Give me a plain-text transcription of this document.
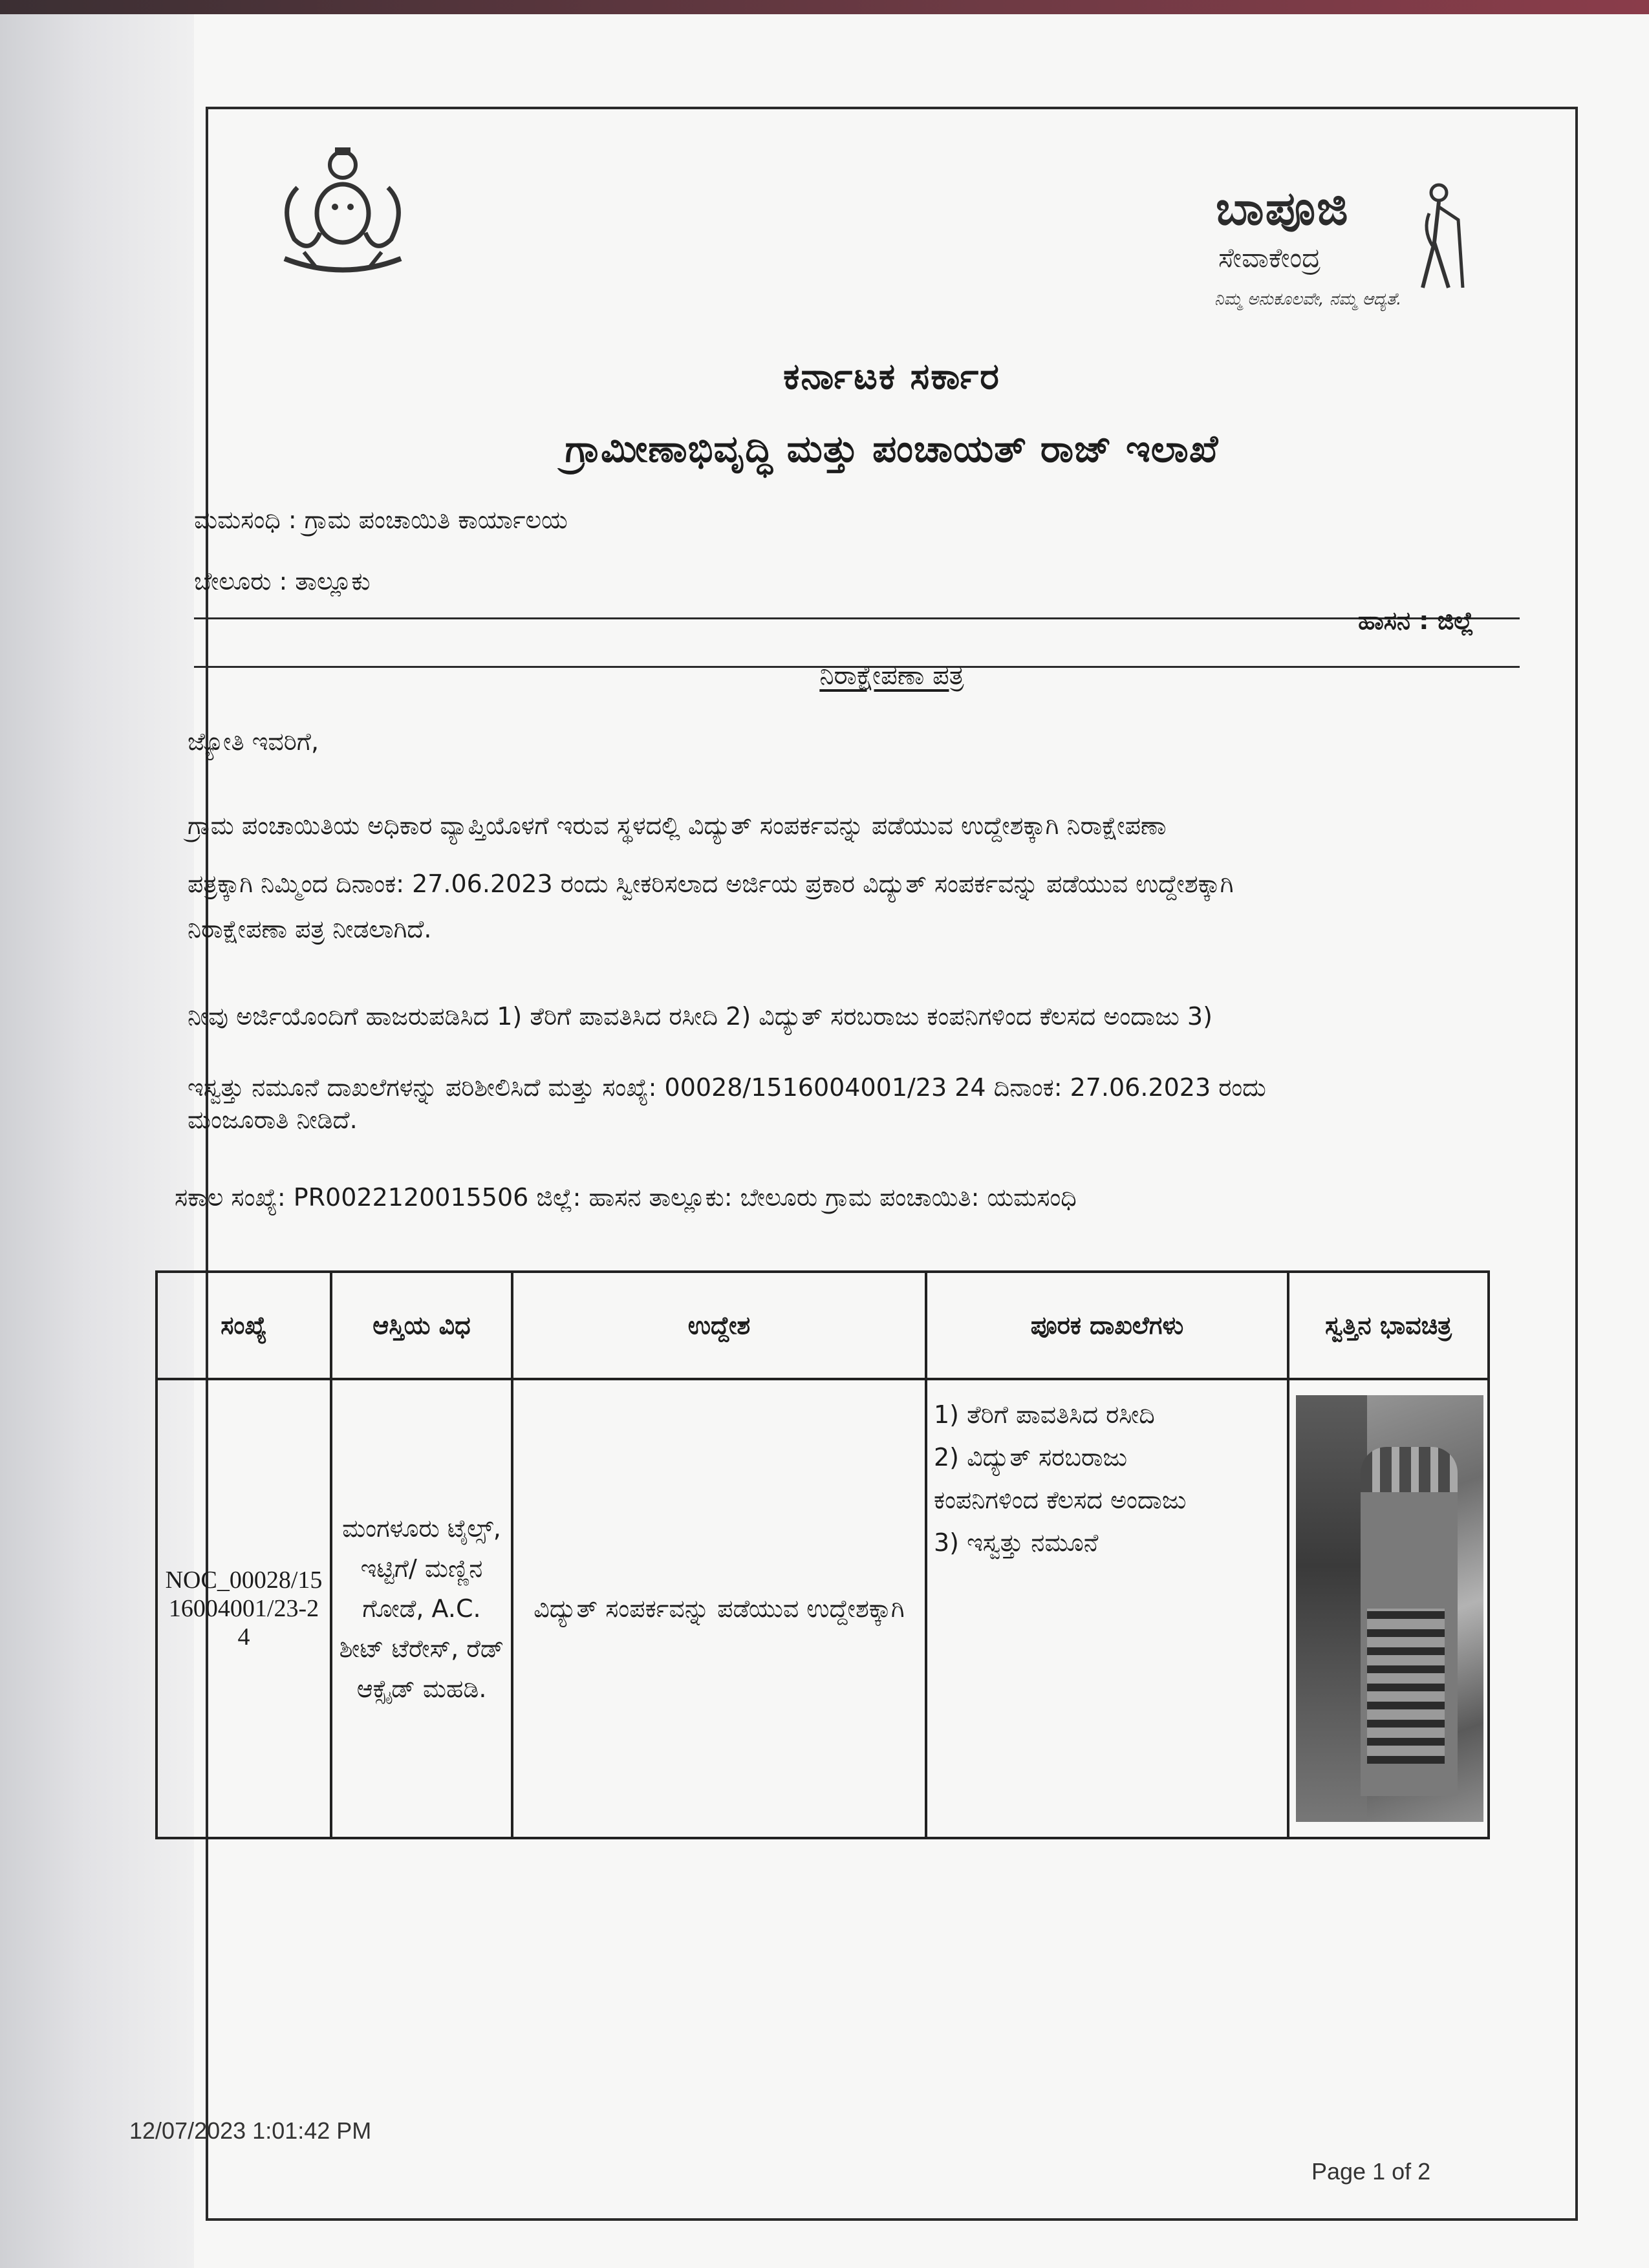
ಬಾಪೂಜಿ
ಸೇವಾಕೇಂದ್ರ
ನಿಮ್ಮ ಅನುಕೂಲವೇ, ನಮ್ಮ ಆದ್ಯತೆ.
ಕರ್ನಾಟಕ ಸರ್ಕಾರ
ಗ್ರಾಮೀಣಾಭಿವೃದ್ಧಿ ಮತ್ತು ಪಂಚಾಯತ್ ರಾಜ್ ಇಲಾಖೆ
ಮಮಸಂಧಿ : ಗ್ರಾಮ ಪಂಚಾಯಿತಿ ಕಾರ್ಯಾಲಯ
ಬೇಲೂರು : ತಾಲ್ಲೂಕು
ಹಾಸನ : ಜಿಲ್ಲೆ
ನಿರಾಕ್ಷೇಪಣಾ ಪತ್ರ
ಜ್ಯೋತಿ ಇವರಿಗೆ,
ಗ್ರಾಮ ಪಂಚಾಯಿತಿಯ ಅಧಿಕಾರ ವ್ಯಾಪ್ತಿಯೊಳಗೆ ಇರುವ ಸ್ಥಳದಲ್ಲಿ ವಿದ್ಯುತ್ ಸಂಪರ್ಕವನ್ನು ಪಡೆಯುವ ಉದ್ದೇಶಕ್ಕಾಗಿ ನಿರಾಕ್ಷೇಪಣಾ
ಪತ್ರಕ್ಕಾಗಿ ನಿಮ್ಮಿಂದ ದಿನಾಂಕ: 27.06.2023 ರಂದು ಸ್ವೀಕರಿಸಲಾದ ಅರ್ಜಿಯ ಪ್ರಕಾರ ವಿದ್ಯುತ್ ಸಂಪರ್ಕವನ್ನು ಪಡೆಯುವ ಉದ್ದೇಶಕ್ಕಾಗಿ
ನಿರಾಕ್ಷೇಪಣಾ ಪತ್ರ ನೀಡಲಾಗಿದೆ.
ನೀವು ಅರ್ಜಿಯೊಂದಿಗೆ ಹಾಜರುಪಡಿಸಿದ 1) ತೆರಿಗೆ ಪಾವತಿಸಿದ ರಸೀದಿ 2) ವಿದ್ಯುತ್ ಸರಬರಾಜು ಕಂಪನಿಗಳಿಂದ ಕೆಲಸದ ಅಂದಾಜು 3)
ಇಸ್ವತ್ತು ನಮೂನೆ ದಾಖಲೆಗಳನ್ನು ಪರಿಶೀಲಿಸಿದೆ ಮತ್ತು ಸಂಖ್ಯೆ: 00028/1516004001/23 24 ದಿನಾಂಕ: 27.06.2023 ರಂದು
ಮಂಜೂರಾತಿ ನೀಡಿದೆ.
ಸಕಾಲ ಸಂಖ್ಯೆ: PR0022120015506 ಜಿಲ್ಲೆ: ಹಾಸನ ತಾಲ್ಲೂಕು: ಬೇಲೂರು ಗ್ರಾಮ ಪಂಚಾಯಿತಿ: ಯಮಸಂಧಿ
ಸಂಖ್ಯೆ	ಆಸ್ತಿಯ ವಿಧ	ಉದ್ದೇಶ	ಪೂರಕ ದಾಖಲೆಗಳು	ಸ್ವತ್ತಿನ ಭಾವಚಿತ್ರ
NOC_00028/1516004001/23-24	ಮಂಗಳೂರು ಟೈಲ್ಸ್, ಇಟ್ಟಿಗೆ/ ಮಣ್ಣಿನ ಗೋಡೆ, A.C. ಶೀಟ್ ಟೆರೇಸ್, ರೆಡ್ ಆಕ್ಸೈಡ್ ಮಹಡಿ.	ವಿದ್ಯುತ್ ಸಂಪರ್ಕವನ್ನು ಪಡೆಯುವ ಉದ್ದೇಶಕ್ಕಾಗಿ	1) ತೆರಿಗೆ ಪಾವತಿಸಿದ ರಸೀದಿ
2) ವಿದ್ಯುತ್ ಸರಬರಾಜು
ಕಂಪನಿಗಳಿಂದ ಕೆಲಸದ ಅಂದಾಜು
3) ಇಸ್ವತ್ತು ನಮೂನೆ	

12/07/2023 1:01:42 PM
Page 1 of 2
